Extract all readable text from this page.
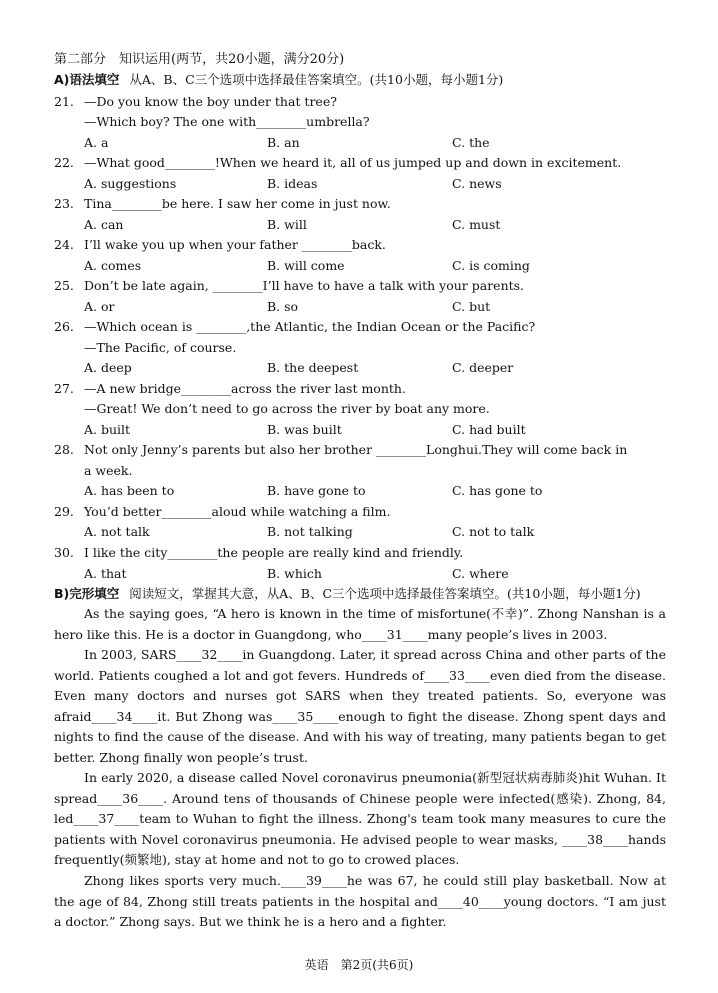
第二部分　知识运用(两节，共20小题，满分20分)
A)语法填空 从A、B、C三个选项中选择最佳答案填空。(共10小题，每小题1分)
21. —Do you know the boy under that tree?
—Which boy? The one with________umbrella?
A. a	B. an	C. the
22. —What good________!When we heard it, all of us jumped up and down in excitement.
A. suggestions	B. ideas	C. news
23. Tina________be here. I saw her come in just now.
A. can	B. will	C. must
24. I’ll wake you up when your father ________back.
A. comes	B. will come	C. is coming
25. Don’t be late again, ________I’ll have to have a talk with your parents.
A. or	B. so	C. but
26. —Which ocean is ________,the Atlantic, the Indian Ocean or the Pacific?
—The Pacific, of course.
A. deep	B. the deepest	C. deeper
27. —A new bridge________across the river last month.
—Great! We don’t need to go across the river by boat any more.
A. built	B. was built	C. had built
28. Not only Jenny’s parents but also her brother ________Longhui.They will come back in
a week.
A. has been to	B. have gone to	C. has gone to
29. You’d better________aloud while watching a film.
A. not talk	B. not talking	C. not to talk
30. I like the city________the people are really kind and friendly.
A. that	B. which	C. where
B)完形填空 阅读短文，掌握其大意，从A、B、C三个选项中选择最佳答案填空。(共10小题，每小题1分)
As the saying goes, “A hero is known in the time of misfortune(不幸)”. Zhong Nanshan is a hero like this. He is a doctor in Guangdong, who____31____many people’s lives in 2003.
In 2003, SARS____32____in Guangdong. Later, it spread across China and other parts of the world. Patients coughed a lot and got fevers. Hundreds of____33____even died from the disease. Even many doctors and nurses got SARS when they treated patients. So, everyone was afraid____34____it. But Zhong was____35____enough to fight the disease. Zhong spent days and nights to find the cause of the disease. And with his way of treating, many patients began to get better. Zhong finally won people’s trust.
In early 2020, a disease called Novel coronavirus pneumonia(新型冠状病毒肺炎)hit Wuhan. It spread____36____. Around tens of thousands of Chinese people were infected(感染). Zhong, 84, led____37____team to Wuhan to fight the illness. Zhong's team took many measures to cure the patients with Novel coronavirus pneumonia. He advised people to wear masks, ____38____hands frequently(频繁地), stay at home and not to go to crowed places.
Zhong likes sports very much.____39____he was 67, he could still play basketball. Now at the age of 84, Zhong still treats patients in the hospital and____40____young doctors. “I am just a doctor.” Zhong says. But we think he is a hero and a fighter.
英语　第2页(共6页)
